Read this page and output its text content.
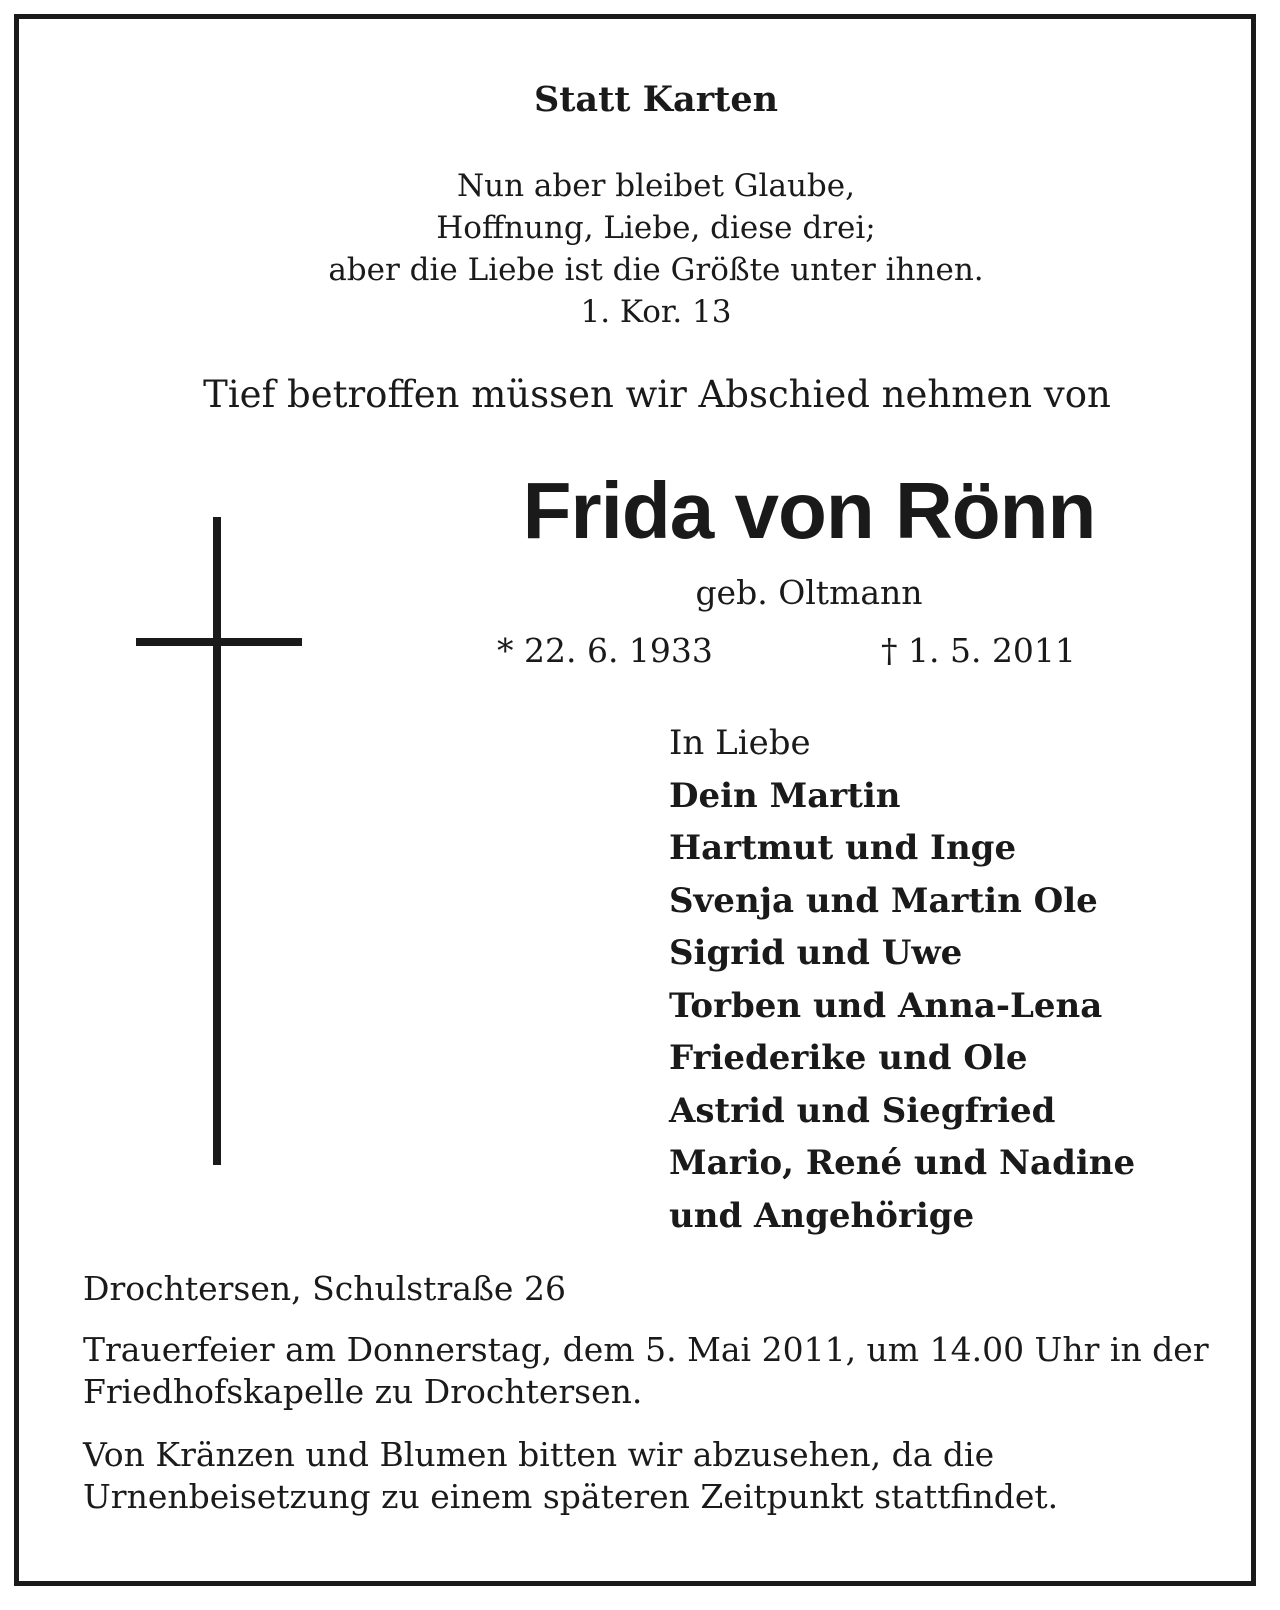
Statt Karten

Nun aber bleibet Glaube,
Hoffnung, Liebe, diese drei;
aber die Liebe ist die Größte unter ihnen.
1. Kor. 13

Tief betroffen müssen wir Abschied nehmen von

Frida von Rönn

geb. Oltmann

* 22. 6. 1933	† 1. 5. 2011

In Liebe
Dein Martin
Hartmut und Inge
Svenja und Martin Ole
Sigrid und Uwe
Torben und Anna-Lena
Friederike und Ole
Astrid und Siegfried
Mario, René und Nadine
und Angehörige

Drochtersen, Schulstraße 26

Trauerfeier am Donnerstag, dem 5. Mai 2011, um 14.00 Uhr in der Friedhofskapelle zu Drochtersen.

Von Kränzen und Blumen bitten wir abzusehen, da die Urnenbeisetzung zu einem späteren Zeitpunkt stattfindet.
